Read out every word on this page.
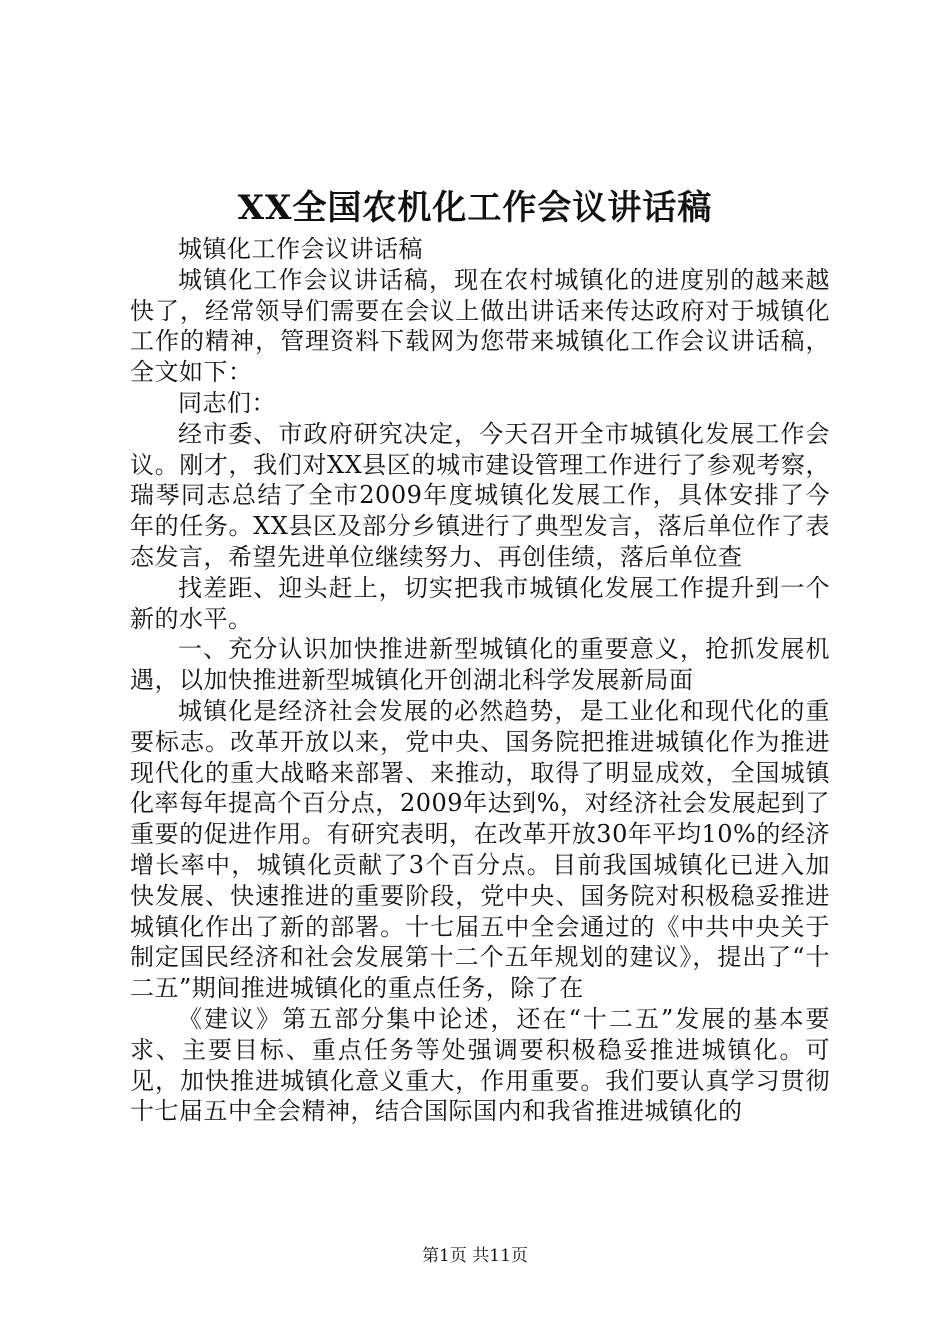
XX全国农机化工作会议讲话稿

城镇化工作会议讲话稿

城镇化工作会议讲话稿，现在农村城镇化的进度别的越来越快了，经常领导们需要在会议上做出讲话来传达政府对于城镇化工作的精神，管理资料下载网为您带来城镇化工作会议讲话稿，全文如下：

同志们：

经市委、市政府研究决定，今天召开全市城镇化发展工作会议。刚才，我们对XX县区的城市建设管理工作进行了参观考察，瑞琴同志总结了全市2009年度城镇化发展工作，具体安排了今年的任务。XX县区及部分乡镇进行了典型发言，落后单位作了表态发言，希望先进单位继续努力、再创佳绩，落后单位查

找差距、迎头赶上，切实把我市城镇化发展工作提升到一个新的水平。

一、充分认识加快推进新型城镇化的重要意义，抢抓发展机遇，以加快推进新型城镇化开创湖北科学发展新局面

城镇化是经济社会发展的必然趋势，是工业化和现代化的重要标志。改革开放以来，党中央、国务院把推进城镇化作为推进现代化的重大战略来部署、来推动，取得了明显成效，全国城镇化率每年提高个百分点，2009年达到%，对经济社会发展起到了重要的促进作用。有研究表明，在改革开放30年平均10%的经济增长率中，城镇化贡献了3个百分点。目前我国城镇化已进入加快发展、快速推进的重要阶段，党中央、国务院对积极稳妥推进城镇化作出了新的部署。十七届五中全会通过的《中共中央关于制定国民经济和社会发展第十二个五年规划的建议》，提出了“十二五”期间推进城镇化的重点任务，除了在

《建议》第五部分集中论述，还在“十二五”发展的基本要求、主要目标、重点任务等处强调要积极稳妥推进城镇化。可见，加快推进城镇化意义重大，作用重要。我们要认真学习贯彻十七届五中全会精神，结合国际国内和我省推进城镇化的

第1页 共11页
